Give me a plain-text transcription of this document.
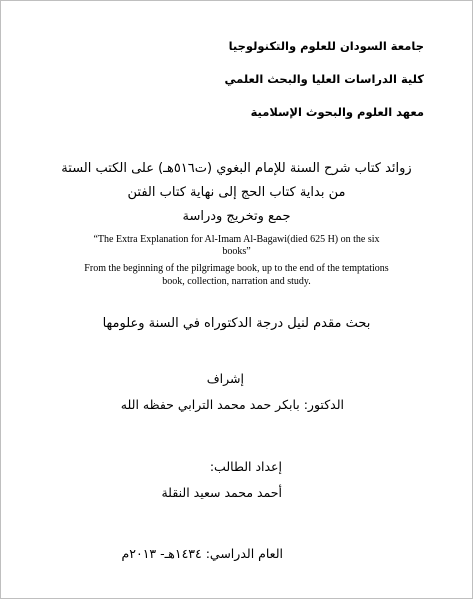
جامعة السودان للعلوم والتكنولوجيا
كلية الدراسات العليا والبحث العلمي
معهد العلوم والبحوث الإسلامية
زوائد كتاب شرح السنة للإمام البغوي (ت٥١٦هـ) على الكتب الستة
من بداية كتاب الحج إلى نهاية كتاب الفتن
جمع وتخريج ودراسة
“The Extra Explanation for Al-Imam Al-Bagawi(died 625 H) on the six
books”
From the beginning of the pilgrimage book, up to the end of the temptations
book, collection, narration and study.
بحث مقدم لنيل درجة الدكتوراه في السنة وعلومها
إشراف
الدكتور: بابكر حمد محمد الترابي حفظه الله
إعداد الطالب:
أحمد محمد سعيد النقلة
العام الدراسي: ١٤٣٤هـ- ٢٠١٣م
